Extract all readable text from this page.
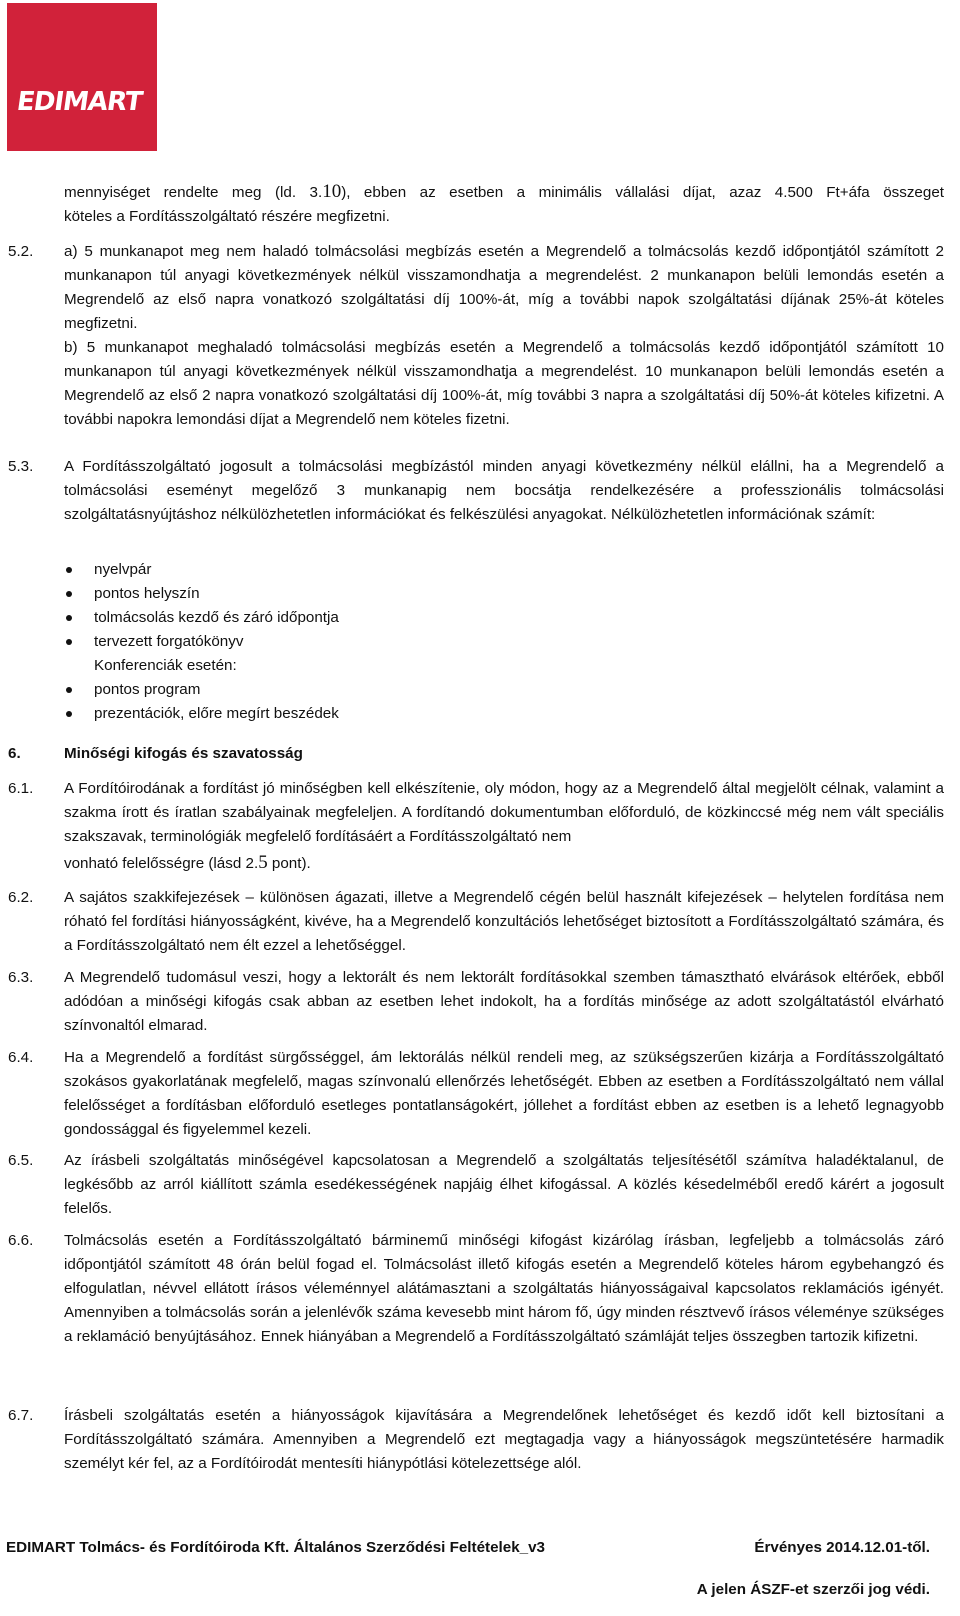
EDIMART

mennyiséget rendelte meg (ld. 3.10), ebben az esetben a minimális vállalási díjat, azaz 4.500 Ft+áfa összeget

köteles a Fordításszolgáltató részére megfizetni.

5.2.	a) 5 munkanapot meg nem haladó tolmácsolási megbízás esetén a Megrendelő a tolmácsolás kezdő időpontjától számított 2 munkanapon túl anyagi következmények nélkül visszamondhatja a megrendelést. 2 munkanapon belüli lemondás esetén a Megrendelő az első napra vonatkozó szolgáltatási díj 100%-át, míg a további napok szolgáltatási díjának 25%-át köteles megfizetni.

b) 5 munkanapot meghaladó tolmácsolási megbízás esetén a Megrendelő a tolmácsolás kezdő időpontjától számított 10 munkanapon túl anyagi következmények nélkül visszamondhatja a megrendelést. 10 munkanapon belüli lemondás esetén a Megrendelő az első 2 napra vonatkozó szolgáltatási díj 100%-át, míg további 3 napra a szolgáltatási díj 50%-át köteles kifizetni. A további napokra lemondási díjat a Megrendelő nem köteles fizetni.

5.3.	A Fordításszolgáltató jogosult a tolmácsolási megbízástól minden anyagi következmény nélkül elállni, ha a Megrendelő a tolmácsolási eseményt megelőző 3 munkanapig nem bocsátja rendelkezésére a professzionális tolmácsolási szolgáltatásnyújtáshoz nélkülözhetetlen információkat és felkészülési anyagokat. Nélkülözhetetlen információnak számít:

nyelvpár
pontos helyszín
tolmácsolás kezdő és záró időpontja
tervezett forgatókönyv
Konferenciák esetén:
pontos program
prezentációk, előre megírt beszédek
6.	Minőségi kifogás és szavatosság
6.1.	A Fordítóirodának a fordítást jó minőségben kell elkészítenie, oly módon, hogy az a Megrendelő által megjelölt célnak, valamint a szakma írott és íratlan szabályainak megfeleljen. A fordítandó dokumentumban előforduló, de közkinccsé még nem vált speciális szakszavak, terminológiák megfelelő fordításáért a Fordításszolgáltató nem

vonható felelősségre (lásd 2.5 pont).

6.2.	A sajátos szakkifejezések – különösen ágazati, illetve a Megrendelő cégén belül használt kifejezések – helytelen fordítása nem róható fel fordítási hiányosságként, kivéve, ha a Megrendelő konzultációs lehetőséget biztosított a Fordításszolgáltató számára, és a Fordításszolgáltató nem élt ezzel a lehetőséggel.

6.3.	A Megrendelő tudomásul veszi, hogy a lektorált és nem lektorált fordításokkal szemben támasztható elvárások eltérőek, ebből adódóan a minőségi kifogás csak abban az esetben lehet indokolt, ha a fordítás minősége az adott szolgáltatástól elvárható színvonaltól elmarad.

6.4.	Ha a Megrendelő a fordítást sürgősséggel, ám lektorálás nélkül rendeli meg, az szükségszerűen kizárja a Fordításszolgáltató szokásos gyakorlatának megfelelő, magas színvonalú ellenőrzés lehetőségét. Ebben az esetben a Fordításszolgáltató nem vállal felelősséget a fordításban előforduló esetleges pontatlanságokért, jóllehet a fordítást ebben az esetben is a lehető legnagyobb gondossággal és figyelemmel kezeli.

6.5.	Az írásbeli szolgáltatás minőségével kapcsolatosan a Megrendelő a szolgáltatás teljesítésétől számítva haladéktalanul, de legkésőbb az arról kiállított számla esedékességének napjáig élhet kifogással. A közlés késedelméből eredő kárért a jogosult felelős.

6.6.	Tolmácsolás esetén a Fordításszolgáltató bárminemű minőségi kifogást kizárólag írásban, legfeljebb a tolmácsolás záró időpontjától számított 48 órán belül fogad el. Tolmácsolást illető kifogás esetén a Megrendelő köteles három egybehangzó és elfogulatlan, névvel ellátott írásos véleménnyel alátámasztani a szolgáltatás hiányosságaival kapcsolatos reklamációs igényét. Amennyiben a tolmácsolás során a jelenlévők száma kevesebb mint három fő, úgy minden résztvevő írásos véleménye szükséges a reklamáció benyújtásához. Ennek hiányában a Megrendelő a Fordításszolgáltató számláját teljes összegben tartozik kifizetni.

6.7.	Írásbeli szolgáltatás esetén a hiányosságok kijavítására a Megrendelőnek lehetőséget és kezdő időt kell biztosítani a Fordításszolgáltató számára. Amennyiben a Megrendelő ezt megtagadja vagy a hiányosságok megszüntetésére harmadik személyt kér fel, az a Fordítóirodát mentesíti hiánypótlási kötelezettsége alól.

EDIMART Tolmács- és Fordítóiroda Kft. Általános Szerződési Feltételek_v3	Érvényes 2014.12.01-től.
A jelen ÁSZF-et szerzői jog védi.
